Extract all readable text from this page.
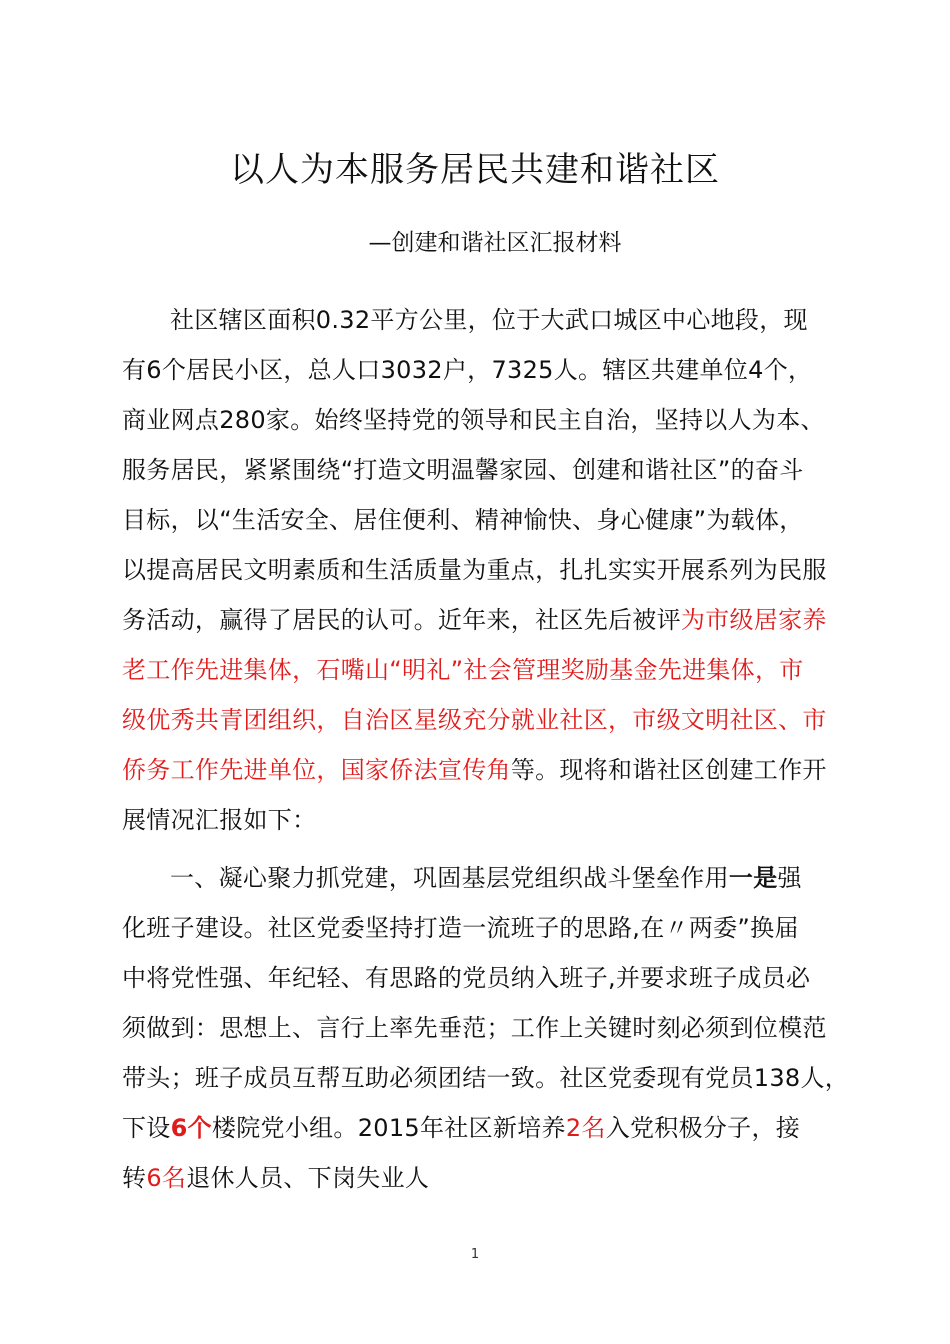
以人为本服务居民共建和谐社区
—创建和谐社区汇报材料
社区辖区面积0.32平方公里，位于大武口城区中心地段，现
有6个居民小区，总人口3032户，7325人。辖区共建单位4个，
商业网点280家。始终坚持党的领导和民主自治，坚持以人为本、
服务居民，紧紧围绕“打造文明温馨家园、创建和谐社区”的奋斗
目标，以“生活安全、居住便利、精神愉快、身心健康”为载体，
以提高居民文明素质和生活质量为重点，扎扎实实开展系列为民服
务活动，赢得了居民的认可。近年来，社区先后被评为市级居家养
老工作先进集体，石嘴山“明礼”社会管理奖励基金先进集体，市
级优秀共青团组织，自治区星级充分就业社区，市级文明社区、市
侨务工作先进单位，国家侨法宣传角等。现将和谐社区创建工作开
展情况汇报如下：
一、凝心聚力抓党建，巩固基层党组织战斗堡垒作用一是强
化班子建设。社区党委坚持打造一流班子的思路,在〃两委”换届
中将党性强、年纪轻、有思路的党员纳入班子,并要求班子成员必
须做到：思想上、言行上率先垂范；工作上关键时刻必须到位模范
带头；班子成员互帮互助必须团结一致。社区党委现有党员138人，
下设6个楼院党小组。2015年社区新培养2名入党积极分子，接
转6名退休人员、下岗失业人
1
